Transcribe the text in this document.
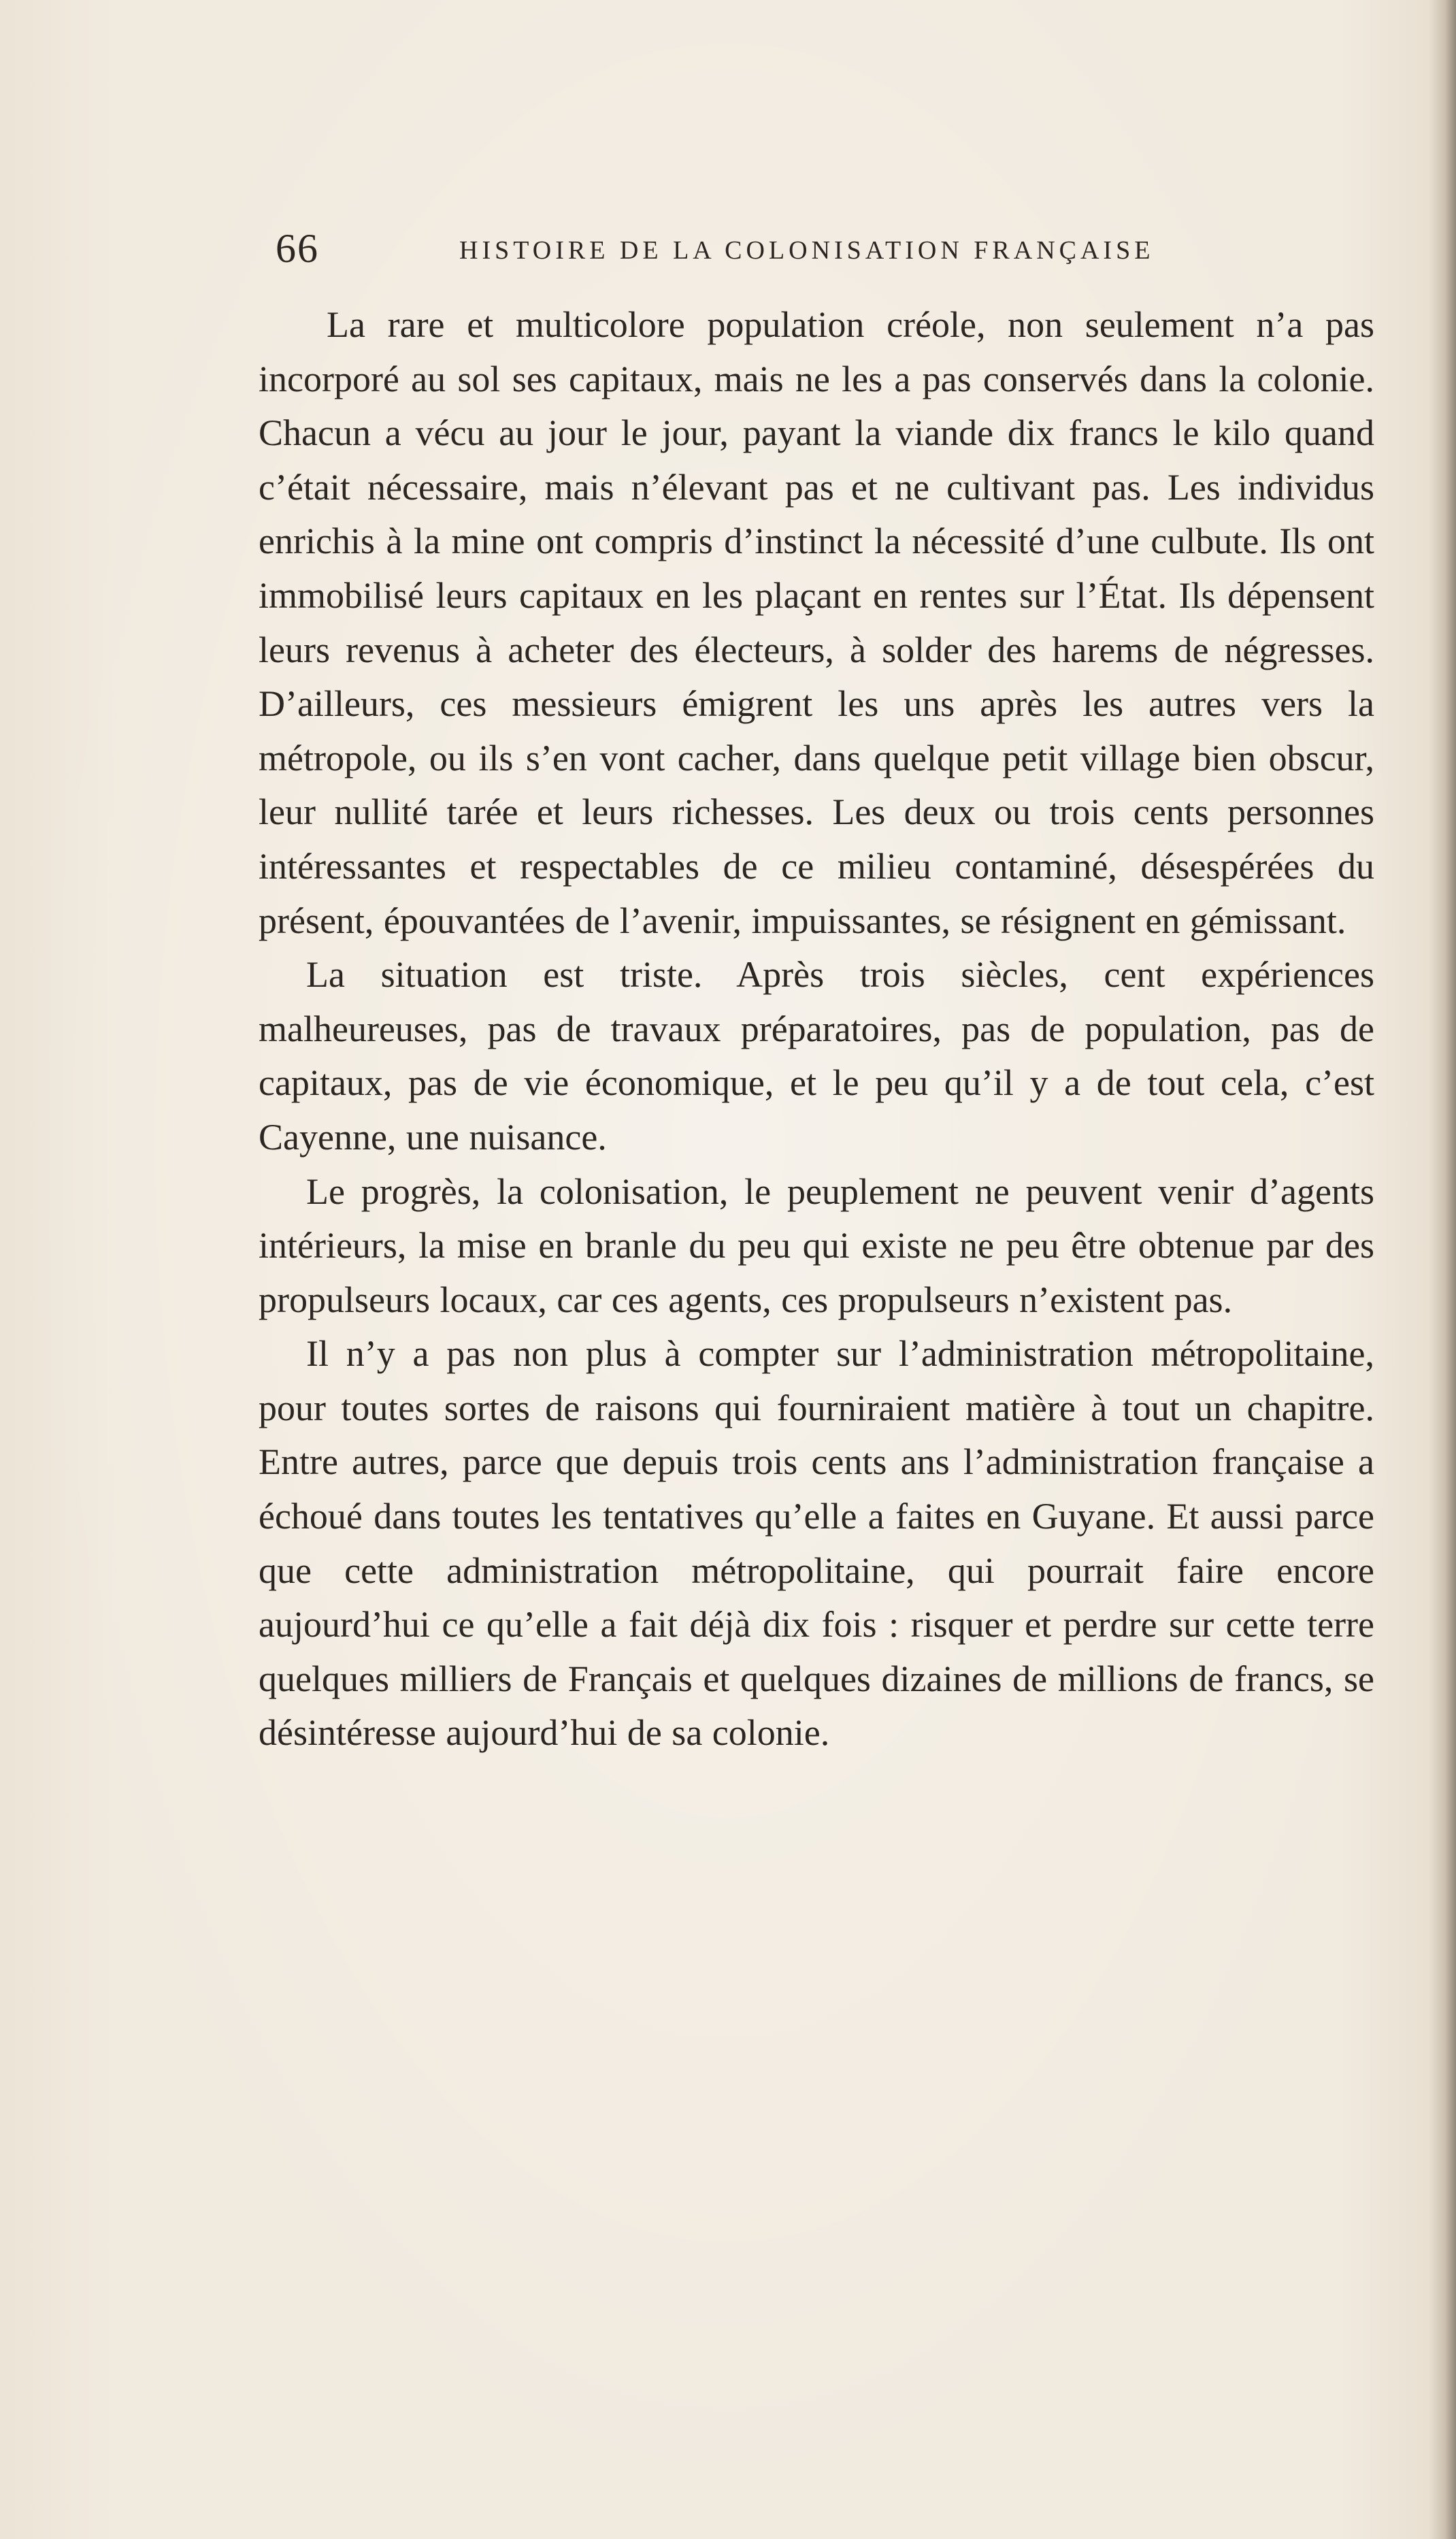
66	HISTOIRE DE LA COLONISATION FRANÇAISE

La rare et multicolore population créole, non seulement n’a pas incorporé au sol ses capitaux, mais ne les a pas conservés dans la colonie. Chacun a vécu au jour le jour, payant la viande dix francs le kilo quand c’était nécessaire, mais n’élevant pas et ne cultivant pas. Les individus enrichis à la mine ont compris d’instinct la nécessité d’une culbute. Ils ont immobilisé leurs capitaux en les plaçant en rentes sur l’État. Ils dépensent leurs revenus à acheter des électeurs, à solder des harems de négresses. D’ailleurs, ces messieurs émigrent les uns après les autres vers la métropole, ou ils s’en vont cacher, dans quelque petit village bien obscur, leur nullité tarée et leurs richesses. Les deux ou trois cents personnes intéressantes et respectables de ce milieu contaminé, désespérées du présent, épouvantées de l’avenir, impuissantes, se résignent en gémissant.

La situation est triste. Après trois siècles, cent expériences malheureuses, pas de travaux préparatoires, pas de population, pas de capitaux, pas de vie économique, et le peu qu’il y a de tout cela, c’est Cayenne, une nuisance.

Le progrès, la colonisation, le peuplement ne peuvent venir d’agents intérieurs, la mise en branle du peu qui existe ne peu être obtenue par des propulseurs locaux, car ces agents, ces propulseurs n’existent pas.

Il n’y a pas non plus à compter sur l’administration métropolitaine, pour toutes sortes de raisons qui fourniraient matière à tout un chapitre. Entre autres, parce que depuis trois cents ans l’administration française a échoué dans toutes les tentatives qu’elle a faites en Guyane. Et aussi parce que cette administration métropolitaine, qui pourrait faire encore aujourd’hui ce qu’elle a fait déjà dix fois : risquer et perdre sur cette terre quelques milliers de Français et quelques dizaines de millions de francs, se désintéresse aujourd’hui de sa colonie.
